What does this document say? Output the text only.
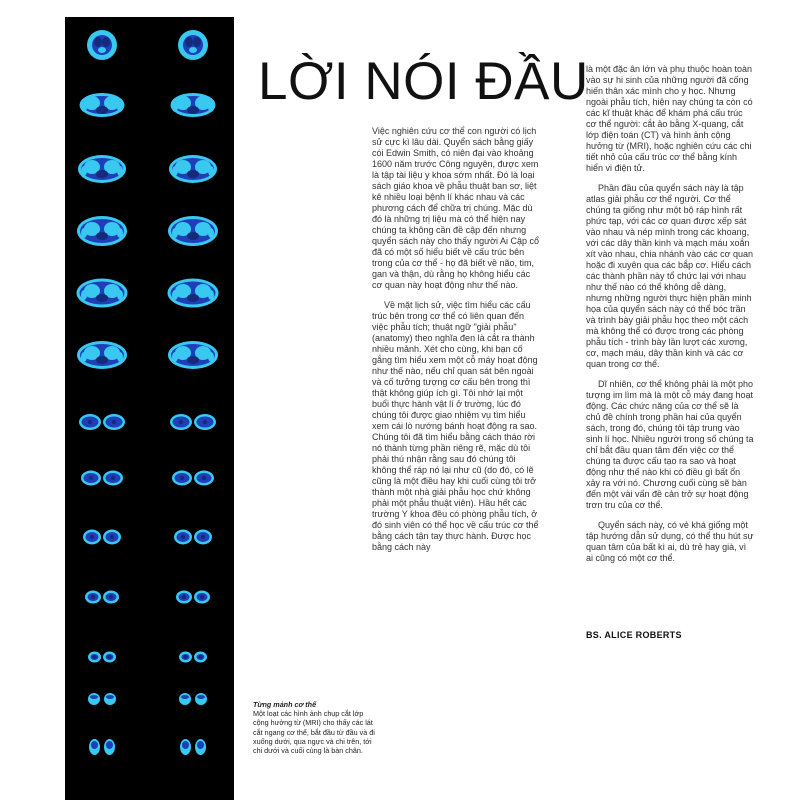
Từng mảnh cơ thể
Một loạt các hình ảnh chụp cắt lớp cộng hưởng từ (MRI) cho thấy các lát cắt ngang cơ thể, bắt đầu từ đầu và đi xuống dưới, qua ngực và chi trên, tới chi dưới và cuối cùng là bàn chân.
LỜI NÓI ĐẦU

Việc nghiên cứu cơ thể con người có lịch sử cực kì lâu dài. Quyển sách bằng giấy cói Edwin Smith, có niên đại vào khoảng 1600 năm trước Công nguyên, được xem là tập tài liệu y khoa sớm nhất. Đó là loại sách giáo khoa về phẫu thuật ban sơ, liệt kê nhiều loại bệnh lí khác nhau và các phương cách để chữa trị chúng. Mặc dù đó là những trị liệu mà có thể hiện nay chúng ta không cần đề cập đến nhưng quyển sách này cho thấy người Ai Cập cổ đã có một số hiểu biết về cấu trúc bên trong của cơ thể - họ đã biết về não, tim, gan và thận, dù rằng họ không hiểu các cơ quan này hoạt động như thế nào.

Về mặt lịch sử, việc tìm hiểu các cấu trúc bên trong cơ thể có liên quan đến việc phẫu tích; thuật ngữ "giải phẫu" (anatomy) theo nghĩa đen là cắt ra thành nhiều mảnh. Xét cho cùng, khi bạn cố gắng tìm hiểu xem một cỗ máy hoạt động như thế nào, nếu chỉ quan sát bên ngoài và cố tưởng tượng cơ cấu bên trong thì thật không giúp ích gì. Tôi nhớ lại một buổi thực hành vật lí ở trường, lúc đó chúng tôi được giao nhiệm vụ tìm hiểu xem cái lò nướng bánh hoạt động ra sao. Chúng tôi đã tìm hiểu bằng cách tháo rời nó thành từng phần riêng rẽ, mặc dù tôi phải thú nhận rằng sau đó chúng tôi không thể ráp nó lại như cũ (do đó, có lẽ cũng là một điều hay khi cuối cùng tôi trở thành một nhà giải phẫu học chứ không phải một phẫu thuật viên). Hầu hết các trường Y khoa đều có phòng phẫu tích, ở đó sinh viên có thể học về cấu trúc cơ thể bằng cách tận tay thực hành. Được học bằng cách này

là một đặc ân lớn và phụ thuộc hoàn toàn vào sự hi sinh của những người đã cống hiến thân xác mình cho y học. Nhưng ngoài phẫu tích, hiện nay chúng ta còn có các kĩ thuật khác để khám phá cấu trúc cơ thể người: cắt ảo bằng X-quang, cắt lớp điện toán (CT) và hình ảnh cộng hưởng từ (MRI), hoặc nghiên cứu các chi tiết nhỏ của cấu trúc cơ thể bằng kính hiển vi điện tử.

Phần đầu của quyển sách này là tập atlas giải phẫu cơ thể người. Cơ thể chúng ta giống như một bộ ráp hình rất phức tạp, với các cơ quan được xếp sát vào nhau và nép mình trong các khoang, với các dây thần kinh và mạch máu xoắn xít vào nhau, chia nhánh vào các cơ quan hoặc đi xuyên qua các bắp cơ. Hiểu cách các thành phần này tổ chức lại với nhau như thế nào có thể không dễ dàng, nhưng những người thực hiện phần minh họa của quyển sách này có thể bóc trần và trình bày giải phẫu học theo một cách mà không thể có được trong các phòng phẫu tích - trình bày lần lượt các xương, cơ, mạch máu, dây thần kinh và các cơ quan trong cơ thể.

Dĩ nhiên, cơ thể không phải là một pho tượng im lìm mà là một cỗ máy đang hoạt động. Các chức năng của cơ thể sẽ là chủ đề chính trong phần hai của quyển sách, trong đó, chúng tôi tập trung vào sinh lí học. Nhiều người trong số chúng ta chỉ bắt đầu quan tâm đến việc cơ thể chúng ta được cấu tạo ra sao và hoạt động như thế nào khi có điều gì bất ổn xảy ra với nó. Chương cuối cùng sẽ bàn đến một vài vấn đề cản trở sự hoạt động trơn tru của cơ thể.

Quyển sách này, có vẻ khá giống một tập hướng dẫn sử dụng, có thể thu hút sự quan tâm của bất kì ai, dù trẻ hay già, vì ai cũng có một cơ thể.

BS. ALICE ROBERTS
